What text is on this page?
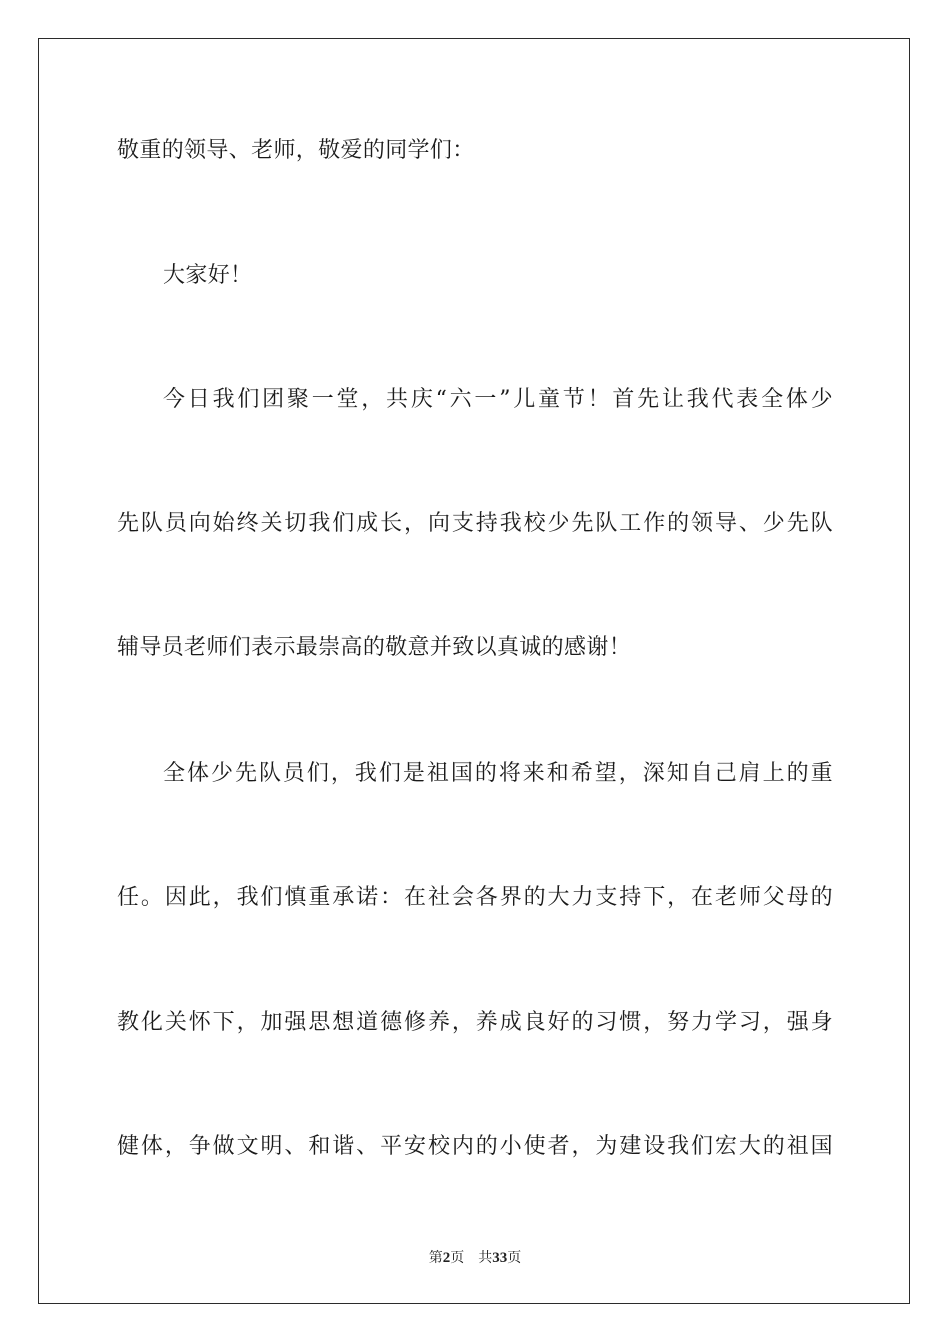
敬重的领导、老师，敬爱的同学们：
大家好！
今日我们团聚一堂，共庆“六一”儿童节！首先让我代表全体少
先队员向始终关切我们成长，向支持我校少先队工作的领导、少先队
辅导员老师们表示最崇高的敬意并致以真诚的感谢！
全体少先队员们，我们是祖国的将来和希望，深知自己肩上的重
任。因此，我们慎重承诺：在社会各界的大力支持下，在老师父母的
教化关怀下，加强思想道德修养，养成良好的习惯，努力学习，强身
健体，争做文明、和谐、平安校内的小使者，为建设我们宏大的祖国
第2页 共33页
